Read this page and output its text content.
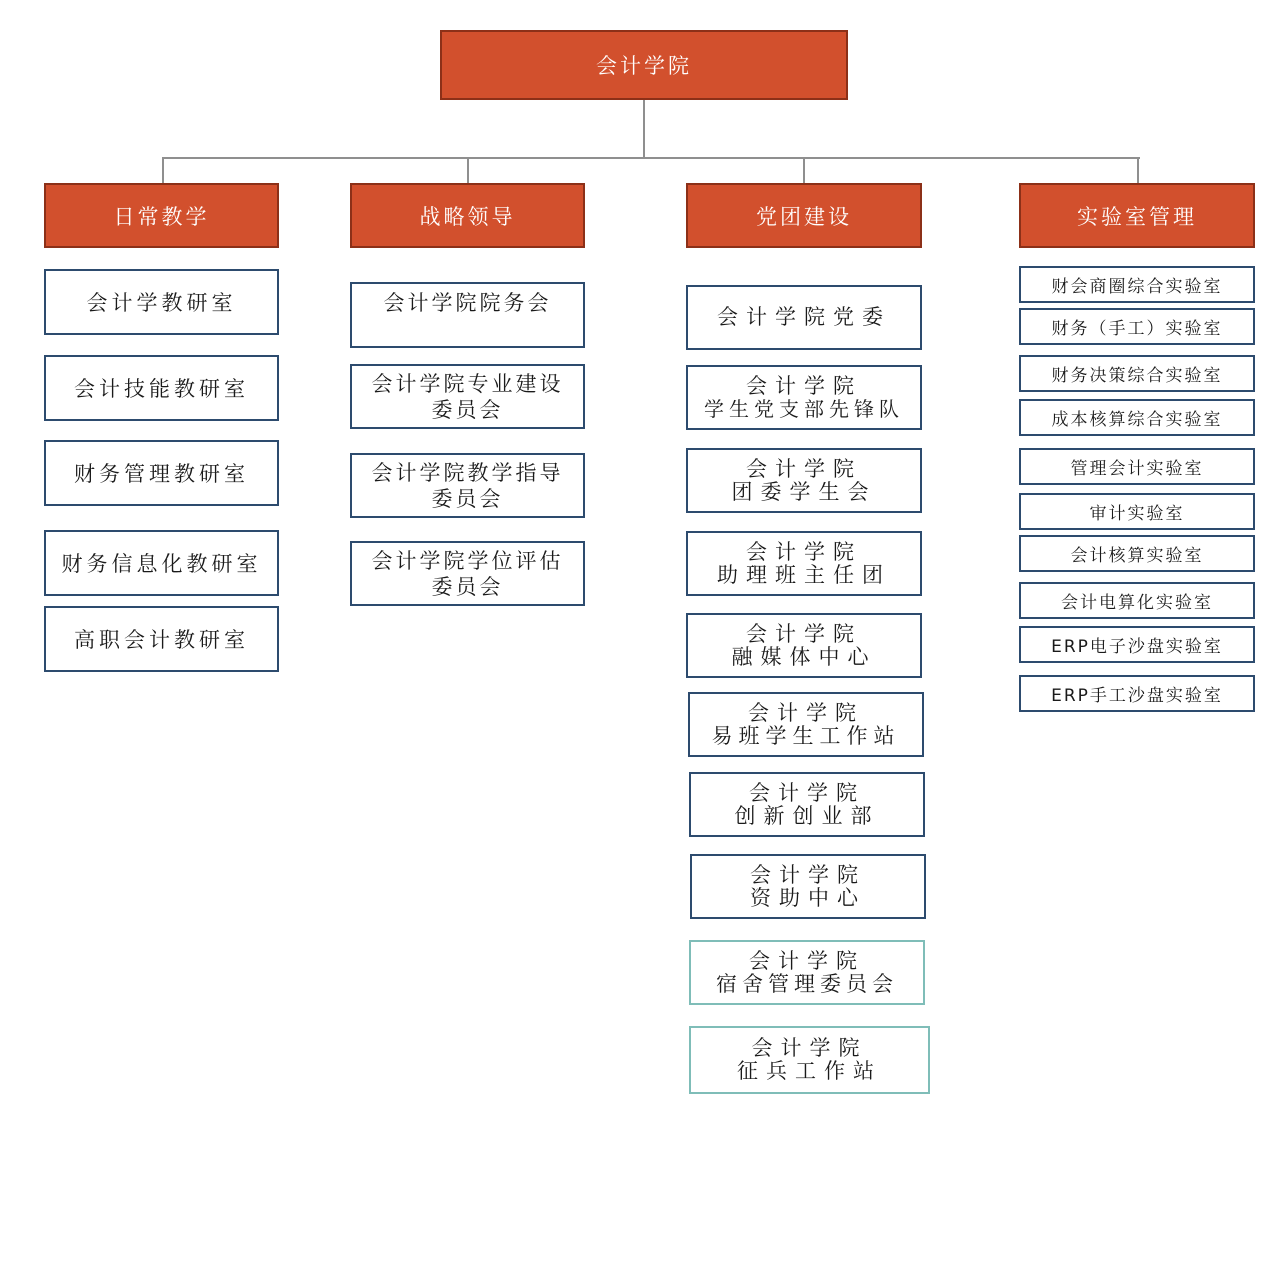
会计学院
日常教学	战略领导	党团建设	实验室管理
会计学教研室
会计技能教研室
财务管理教研室
财务信息化教研室
高职会计教研室
会计学院院务会
会计学院专业建设
委员会
会计学院教学指导
委员会
会计学院学位评估
委员会
会计学院党委
会计学院
学生党支部先锋队
会计学院
团委学生会
会计学院
助理班主任团
会计学院
融媒体中心
会计学院
易班学生工作站
会计学院
创新创业部
会计学院
资助中心
会计学院
宿舍管理委员会
会计学院
征兵工作站
财会商圈综合实验室
财务（手工）实验室
财务决策综合实验室
成本核算综合实验室
管理会计实验室
审计实验室
会计核算实验室
会计电算化实验室
ERP电子沙盘实验室
ERP手工沙盘实验室
